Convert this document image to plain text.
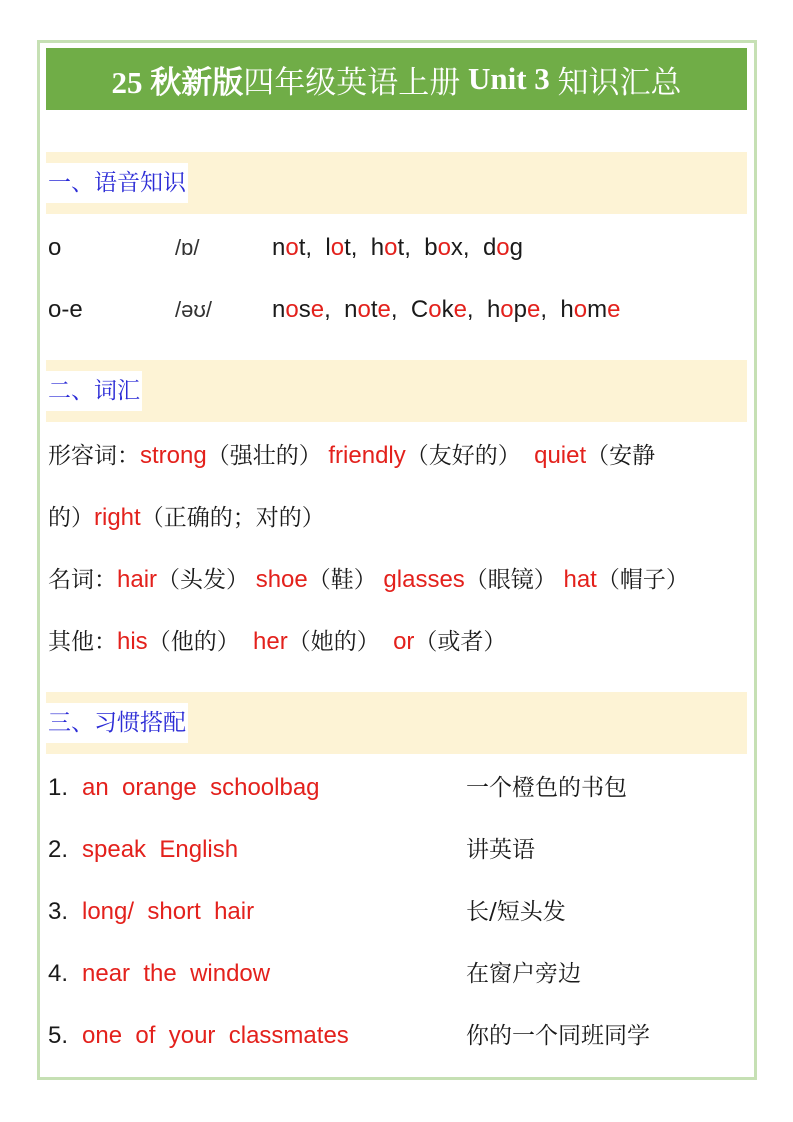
25 秋新版 四年级英语上册 Unit 3 知识汇总
一、语音知识
o	/ɒ/	not,  lot,  hot,  box,  dog
o-e	/əʊ/	nose,  note,  Coke,  hope,  home
二、词汇
形容词：strong（强壮的） friendly（友好的） quiet（安静
的）right（正确的；对的）
名词：hair（头发） shoe（鞋） glasses（眼镜） hat（帽子）
其他：his（他的） her（她的） or（或者）
三、习惯搭配
1. an  orange  schoolbag	一个橙色的书包
2. speak  English	讲英语
3. long/  short  hair	长/短头发
4. near  the  window	在窗户旁边
5. one  of  your  classmates	你的一个同班同学
